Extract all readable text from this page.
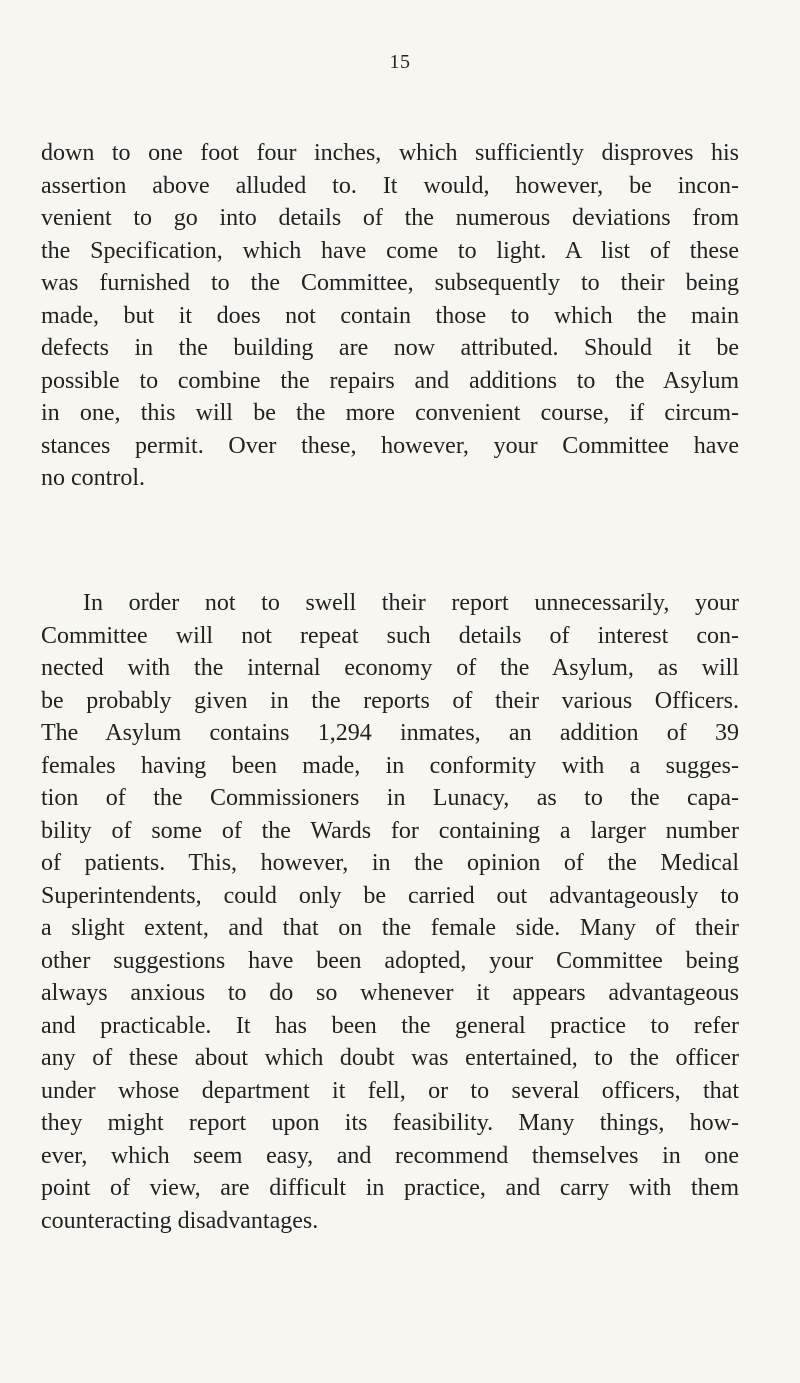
15
down to one foot four inches, which sufficiently disproves his
assertion above alluded to. It would, however, be incon-
venient to go into details of the numerous deviations from
the Specification, which have come to light. A list of these
was furnished to the Committee, subsequently to their being
made, but it does not contain those to which the main
defects in the building are now attributed. Should it be
possible to combine the repairs and additions to the Asylum
in one, this will be the more convenient course, if circum-
stances permit. Over these, however, your Committee have
no control.
In order not to swell their report unnecessarily, your
Committee will not repeat such details of interest con-
nected with the internal economy of the Asylum, as will
be probably given in the reports of their various Officers.
The Asylum contains 1,294 inmates, an addition of 39
females having been made, in conformity with a sugges-
tion of the Commissioners in Lunacy, as to the capa-
bility of some of the Wards for containing a larger number
of patients. This, however, in the opinion of the Medical
Superintendents, could only be carried out advantageously to
a slight extent, and that on the female side. Many of their
other suggestions have been adopted, your Committee being
always anxious to do so whenever it appears advantageous
and practicable. It has been the general practice to refer
any of these about which doubt was entertained, to the officer
under whose department it fell, or to several officers, that
they might report upon its feasibility. Many things, how-
ever, which seem easy, and recommend themselves in one
point of view, are difficult in practice, and carry with them
counteracting disadvantages.
